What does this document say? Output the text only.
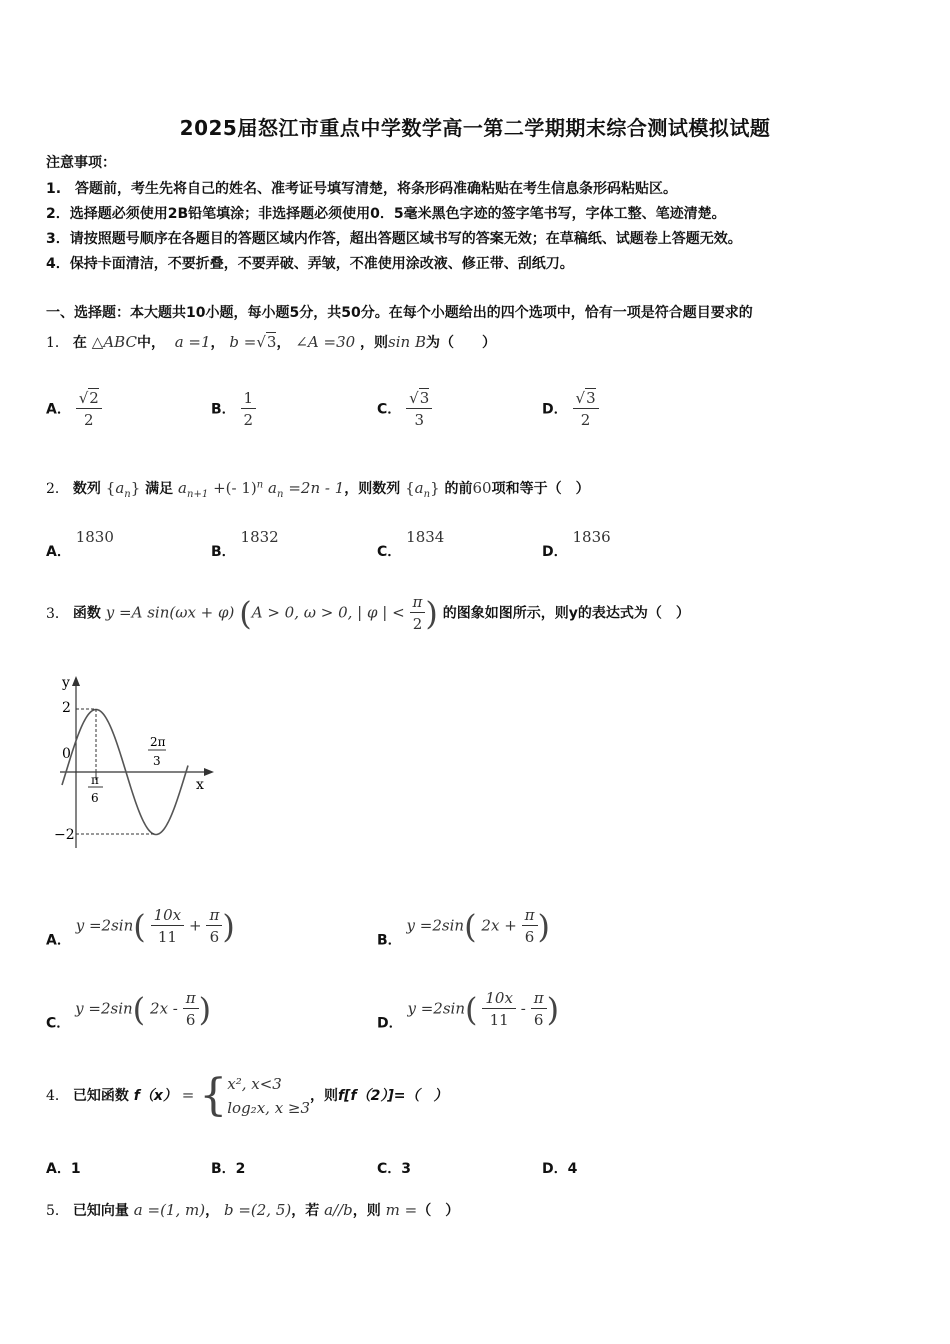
2025届怒江市重点中学数学高一第二学期期末综合测试模拟试题
注意事项：
1.　答题前，考生先将自己的姓名、准考证号填写清楚，将条形码准确粘贴在考生信息条形码粘贴区。
2．选择题必须使用2B铅笔填涂；非选择题必须使用0．5毫米黑色字迹的签字笔书写，字体工整、笔迹清楚。
3．请按照题号顺序在各题目的答题区域内作答，超出答题区域书写的答案无效；在草稿纸、试题卷上答题无效。
4．保持卡面清洁，不要折叠，不要弄破、弄皱，不准使用涂改液、修正带、刮纸刀。
一、选择题：本大题共10小题，每小题5分，共50分。在每个小题给出的四个选项中，恰有一项是符合题目要求的
1． 在 △ABC中， a =1， b =√3， ∠A =30 ，则sin B为（　　）
A． $\frac{√2}{2}$	B． $\frac{1}{2}$	C． $\frac{√3}{3}$	D． $\frac{√3}{2}$
2． 数列 $\{a_n\}$ 满足 $a_{n+1}$ +(- 1)$^n$ $a_n =2n - 1$，则数列 $\{a_n\}$ 的前60项和等于（　）
A． 1830
B． 1832
C． 1834
D． 1836
3． 函数 y =A sin(ωx + φ) (A > 0, ω > 0, | φ | < $\frac{\pi}{2}$ ) 的图象如图所示，则y的表达式为（　）
y
x
2
0
−2
π
6
2π
3
A． $y =2\sin( \frac{10x}{11} + \frac{\pi}{6}$ )	B． y =2sin( $2x + \frac{\pi}{6}$ )
C． y =2sin( $2x - \frac{\pi}{6}$ )	D． $y =2\sin( \frac{10x}{11} - \frac{\pi}{6}$ )
4． 已知函数 f（x） = { x², x<3
log₂x, x ≥3
，则f[f（2）]=（　）
A．1	B．2	C．3	D．4
5． 已知向量 a =(1, m)， b =(2, 5)，若 a//b，则 m =（　）
